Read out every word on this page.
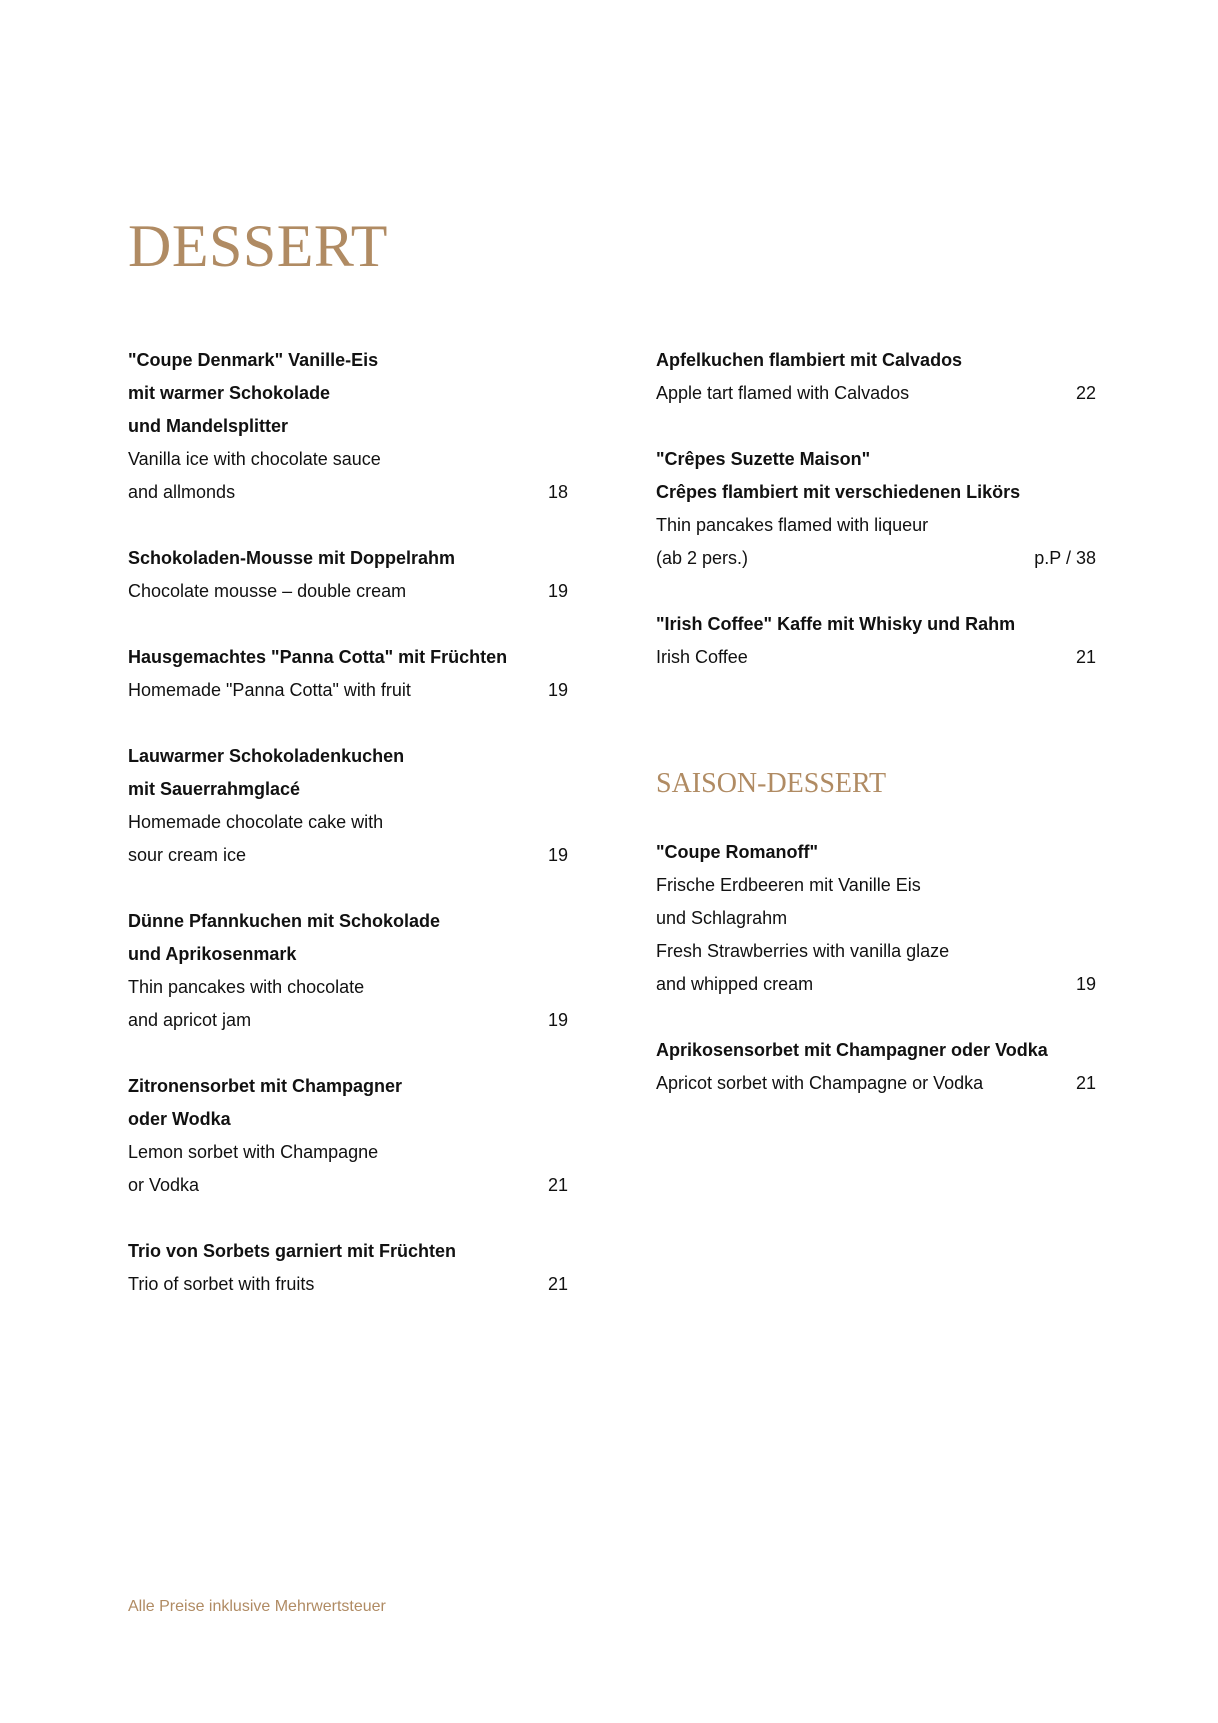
DESSERT
"Coupe Denmark" Vanille-Eis
mit warmer Schokolade
und Mandelsplitter
Vanilla ice with chocolate sauce
and allmonds	18
Schokoladen-Mousse mit Doppelrahm
Chocolate mousse – double cream	19
Hausgemachtes "Panna Cotta" mit Früchten
Homemade "Panna Cotta" with fruit	19
Lauwarmer Schokoladenkuchen
mit Sauerrahmglacé
Homemade chocolate cake with
sour cream ice	19
Dünne Pfannkuchen mit Schokolade
und Aprikosenmark
Thin pancakes with chocolate
and apricot jam	19
Zitronensorbet mit Champagner
oder Wodka
Lemon sorbet with Champagne
or Vodka	21
Trio von Sorbets garniert mit Früchten
Trio of sorbet with fruits	21
Apfelkuchen flambiert mit Calvados
Apple tart flamed with Calvados	22
"Crêpes Suzette Maison"
Crêpes flambiert mit verschiedenen Likörs
Thin pancakes flamed with liqueur
(ab 2 pers.)	p.P / 38
"Irish Coffee" Kaffe mit Whisky und Rahm
Irish Coffee	21
SAISON-DESSERT
"Coupe Romanoff"
Frische Erdbeeren mit Vanille Eis
und Schlagrahm
Fresh Strawberries with vanilla glaze
and whipped cream	19
Aprikosensorbet mit Champagner oder Vodka
Apricot sorbet with Champagne or Vodka	21
Alle Preise inklusive Mehrwertsteuer
